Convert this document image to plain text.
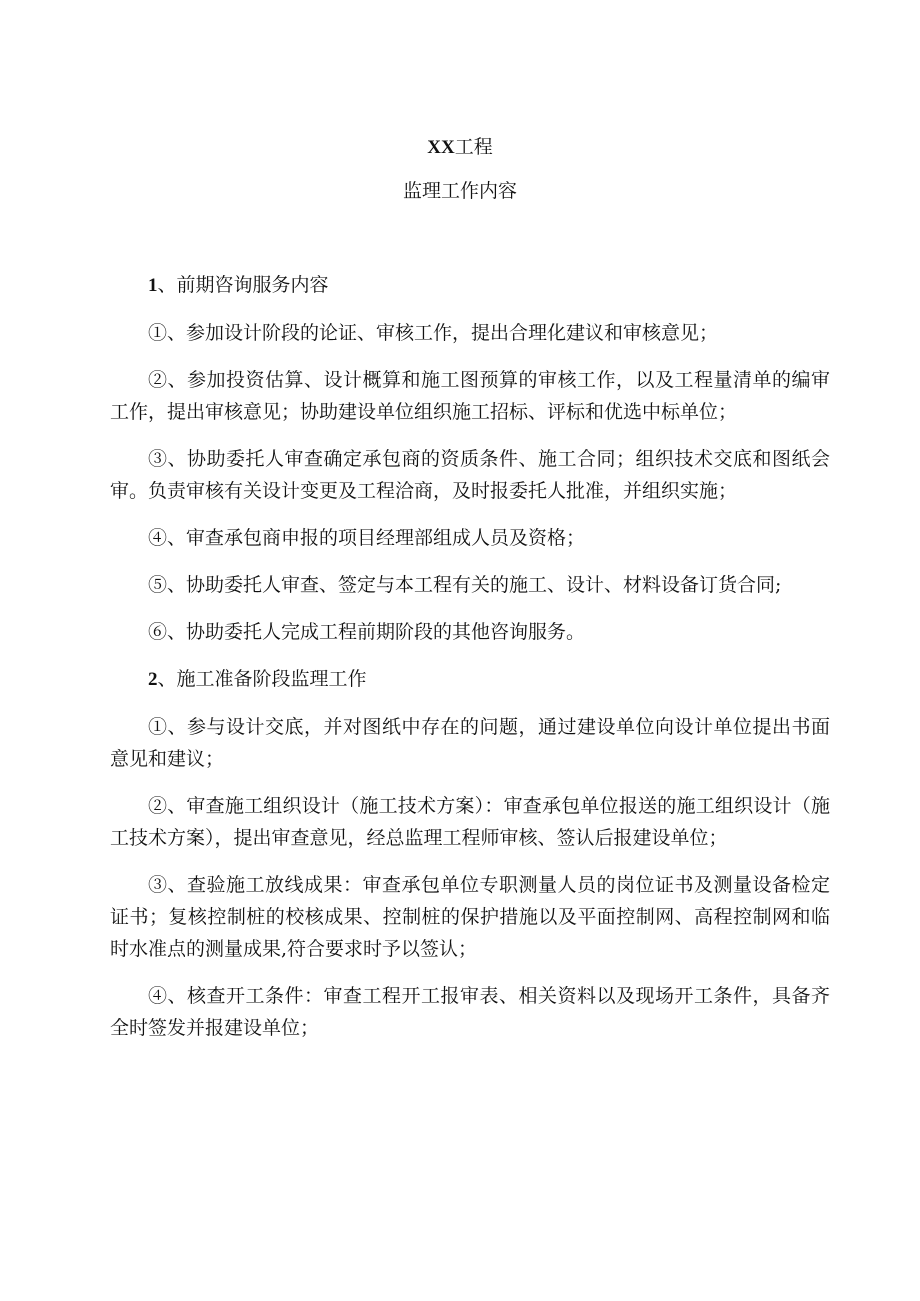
XX工程
监理工作内容

1、前期咨询服务内容

①、参加设计阶段的论证、审核工作，提出合理化建议和审核意见；

②、参加投资估算、设计概算和施工图预算的审核工作，以及工程量清单的编审工作，提出审核意见；协助建设单位组织施工招标、评标和优选中标单位；

③、协助委托人审查确定承包商的资质条件、施工合同；组织技术交底和图纸会审。负责审核有关设计变更及工程洽商，及时报委托人批准，并组织实施；

④、审查承包商申报的项目经理部组成人员及资格；

⑤、协助委托人审查、签定与本工程有关的施工、设计、材料设备订货合同;

⑥、协助委托人完成工程前期阶段的其他咨询服务。

2、施工准备阶段监理工作

①、参与设计交底，并对图纸中存在的问题，通过建设单位向设计单位提出书面意见和建议；

②、审查施工组织设计（施工技术方案）：审查承包单位报送的施工组织设计（施工技术方案），提出审查意见，经总监理工程师审核、签认后报建设单位；

③、查验施工放线成果：审查承包单位专职测量人员的岗位证书及测量设备检定证书；复核控制桩的校核成果、控制桩的保护措施以及平面控制网、高程控制网和临时水准点的测量成果,符合要求时予以签认；

④、核查开工条件：审查工程开工报审表、相关资料以及现场开工条件，具备齐全时签发并报建设单位；
